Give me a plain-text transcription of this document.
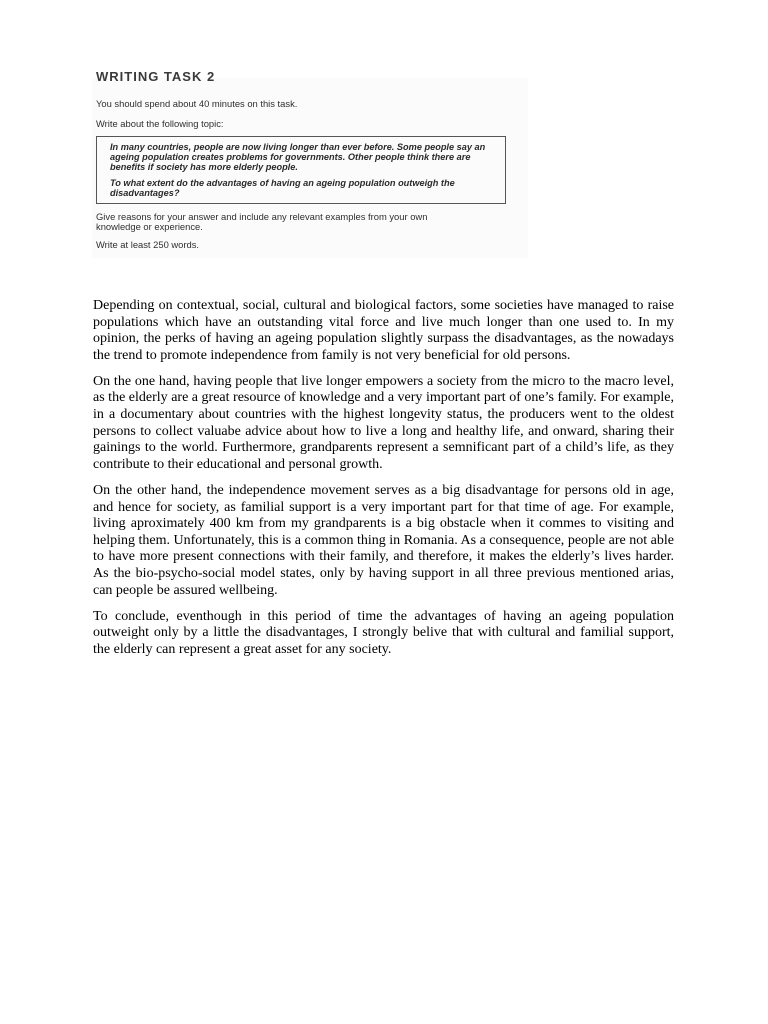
WRITING TASK 2
You should spend about 40 minutes on this task.
Write about the following topic:

In many countries, people are now living longer than ever before. Some people say an ageing population creates problems for governments. Other people think there are benefits if society has more elderly people.

To what extent do the advantages of having an ageing population outweigh the disadvantages?

Give reasons for your answer and include any relevant examples from your own
knowledge or experience.
Write at least 250 words.

Depending on contextual, social, cultural and biological factors, some societies have managed to raise populations which have an outstanding vital force and live much longer than one used to. In my opinion, the perks of having an ageing population slightly surpass the disadvantages, as the nowadays the trend to promote independence from family is not very beneficial for old persons.

On the one hand, having people that live longer empowers a society from the micro to the macro level, as the elderly are a great resource of knowledge and a very important part of one’s family. For example, in a documentary about countries with the highest longevity status, the producers went to the oldest persons to collect valuabe advice about how to live a long and healthy life, and onward, sharing their gainings to the world. Furthermore, grandparents represent a semnificant part of a child’s life, as they contribute to their educational and personal growth.

On the other hand, the independence movement serves as a big disadvantage for persons old in age, and hence for society, as familial support is a very important part for that time of age. For example, living aproximately 400 km from my grandparents is a big obstacle when it commes to visiting and helping them. Unfortunately, this is a common thing in Romania. As a consequence, people are not able to have more present connections with their family, and therefore, it makes the elderly’s lives harder. As the bio-psycho-social model states, only by having support in all three previous mentioned arias, can people be assured wellbeing.

To conclude, eventhough in this period of time the advantages of having an ageing population outweight only by a little the disadvantages, I strongly belive that with cultural and familial support, the elderly can represent a great asset for any society.
